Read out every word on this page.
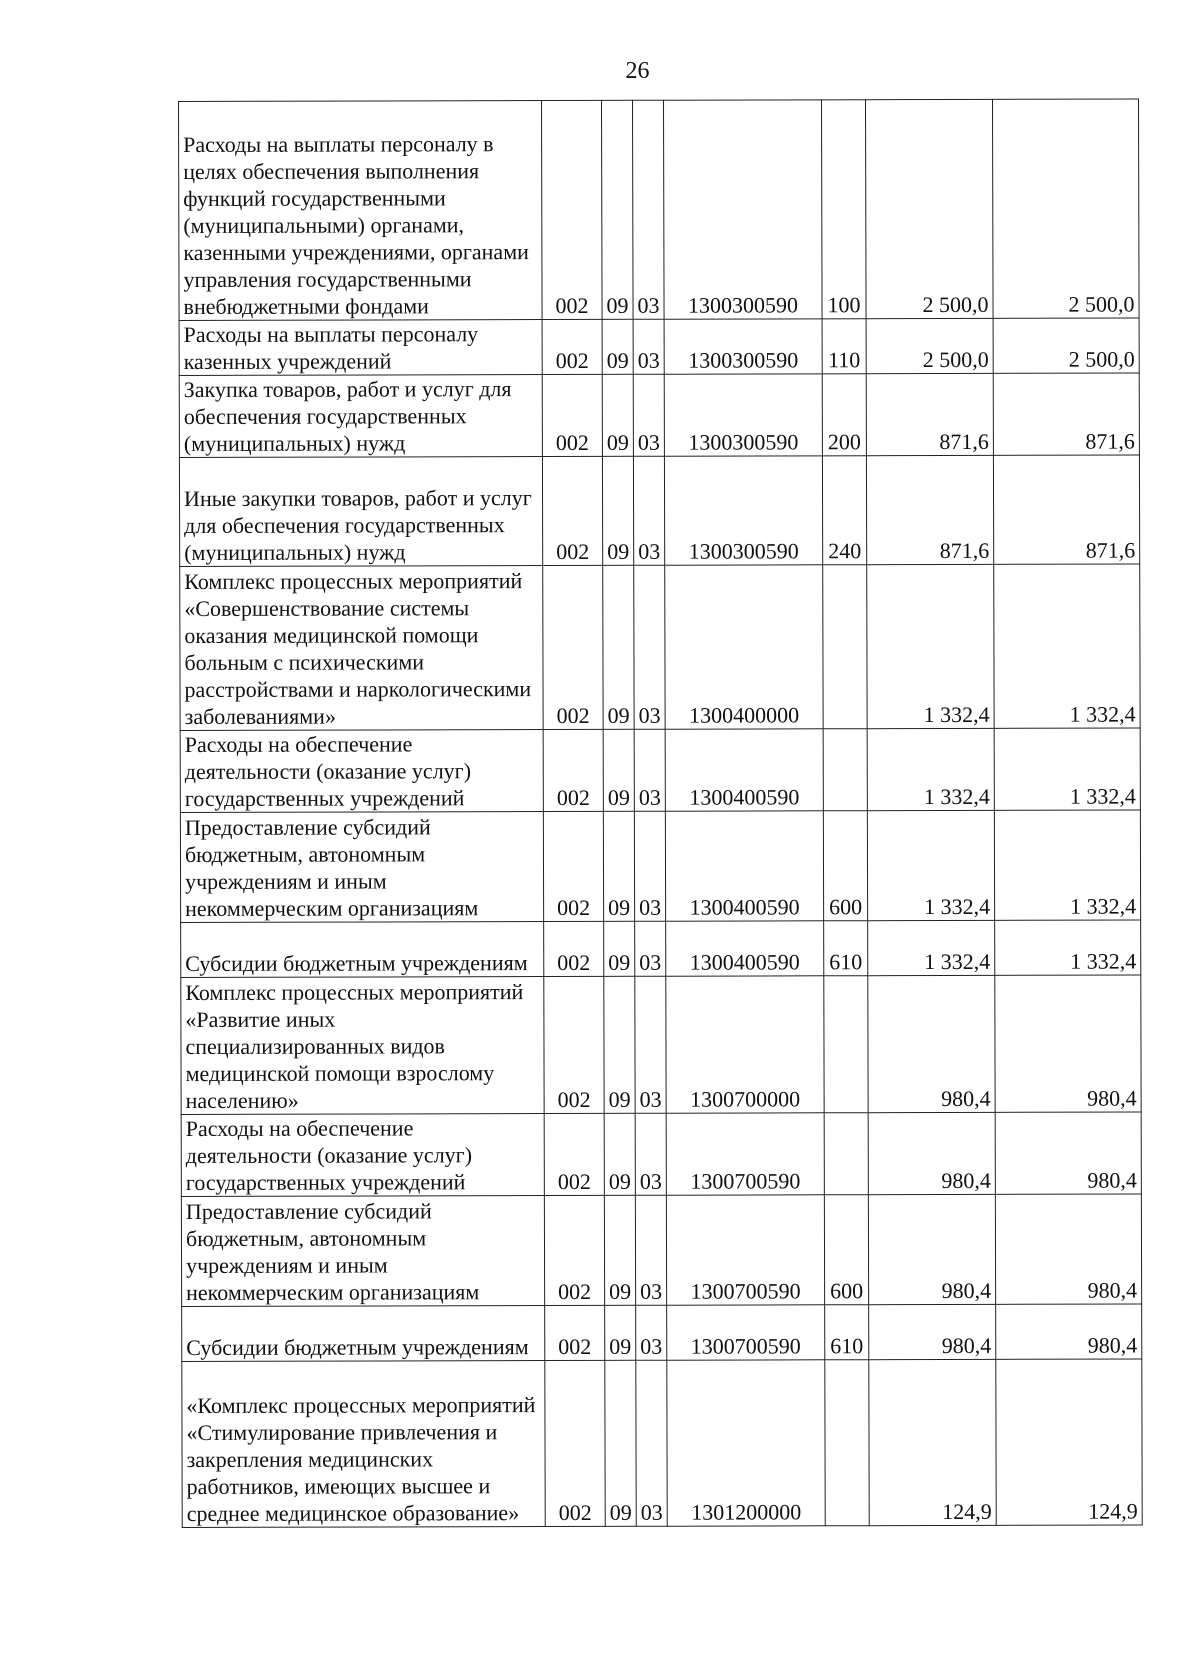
26
Расходы на выплаты персоналу в целях обеспечения выполнения функций государственными (муниципальными) органами, казенными учреждениями, органами управления государственными внебюджетными фондами	002	09	03	1300300590	100	2 500,0	2 500,0
Расходы на выплаты персоналу казенных учреждений	002	09	03	1300300590	110	2 500,0	2 500,0
Закупка товаров, работ и услуг для обеспечения государственных (муниципальных) нужд	002	09	03	1300300590	200	871,6	871,6
Иные закупки товаров, работ и услуг для обеспечения государственных (муниципальных) нужд	002	09	03	1300300590	240	871,6	871,6
Комплекс процессных мероприятий «Совершенствование системы оказания медицинской помощи больным с психическими расстройствами и наркологическими заболеваниями»	002	09	03	1300400000		1 332,4	1 332,4
Расходы на обеспечение деятельности (оказание услуг) государственных учреждений	002	09	03	1300400590		1 332,4	1 332,4
Предоставление субсидий бюджетным, автономным учреждениям и иным некоммерческим организациям	002	09	03	1300400590	600	1 332,4	1 332,4
Субсидии бюджетным учреждениям	002	09	03	1300400590	610	1 332,4	1 332,4
Комплекс процессных мероприятий «Развитие иных специализированных видов медицинской помощи взрослому населению»	002	09	03	1300700000		980,4	980,4
Расходы на обеспечение деятельности (оказание услуг) государственных учреждений	002	09	03	1300700590		980,4	980,4
Предоставление субсидий бюджетным, автономным учреждениям и иным некоммерческим организациям	002	09	03	1300700590	600	980,4	980,4
Субсидии бюджетным учреждениям	002	09	03	1300700590	610	980,4	980,4
«Комплекс процессных мероприятий «Стимулирование привлечения и закрепления медицинских работников, имеющих высшее и среднее медицинское образование»	002	09	03	1301200000		124,9	124,9
